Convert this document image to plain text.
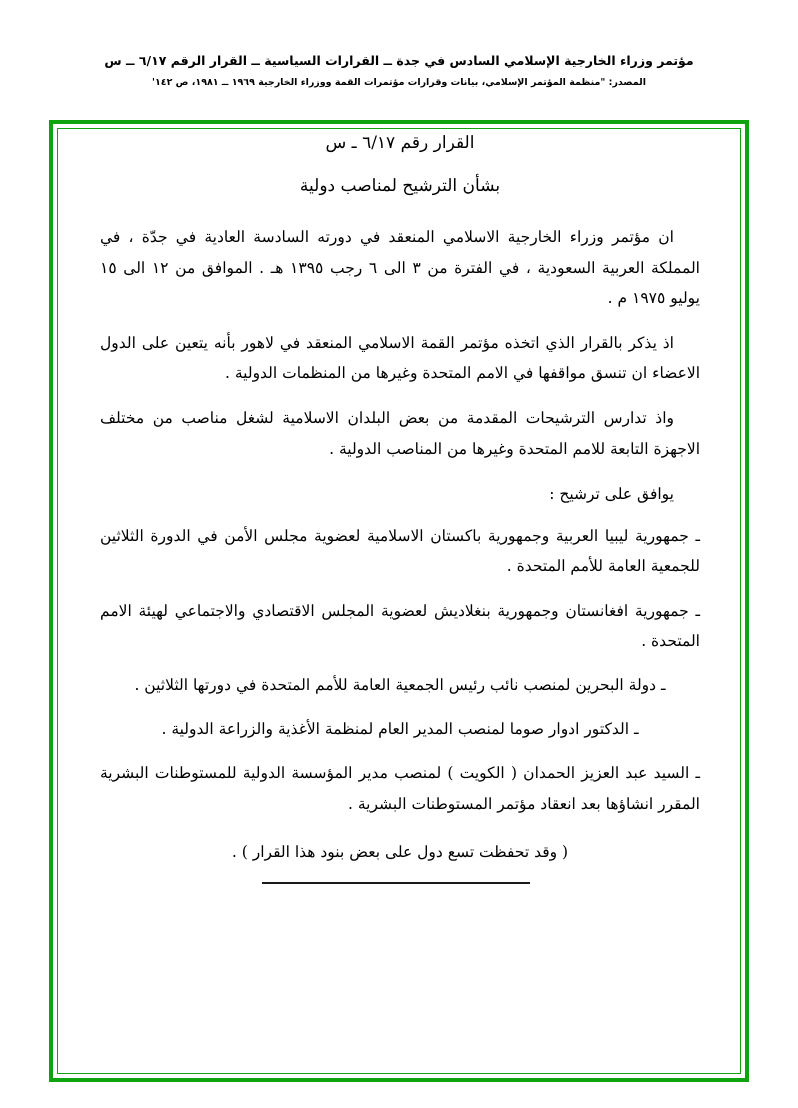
مؤتمر وزراء الخارجية الإسلامي السادس في جدة ــ القرارات السياسية ــ القرار الرقم ٦/١٧ ــ س
المصدر: "منظمة المؤتمر الإسلامي، بيانات وقرارات مؤتمرات القمة ووزراء الخارجية ١٩٦٩ ــ ١٩٨١، ص ١٤٢'
القرار رقم ٦/١٧ ـ س
بشأن الترشيح لمناصب دولية

ان مؤتمر وزراء الخارجية الاسلامي المنعقد في دورته السادسة العادية في جدّة ، في المملكة العربية السعودية ، في الفترة من ٣ الى ٦ رجب ١٣٩٥ هـ . الموافق من ١٢ الى ١٥ يوليو ١٩٧٥ م .

اذ يذكر بالقرار الذي اتخذه مؤتمر القمة الاسلامي المنعقد في لاهور بأنه يتعين على الدول الاعضاء ان تنسق مواقفها في الامم المتحدة وغيرها من المنظمات الدولية .

واذ تدارس الترشيحات المقدمة من بعض البلدان الاسلامية لشغل مناصب من مختلف الاجهزة التابعة للامم المتحدة وغيرها من المناصب الدولية .

يوافق على ترشيح :

ـ جمهورية ليبيا العربية وجمهورية باكستان الاسلامية لعضوية مجلس الأمن في الدورة الثلاثين للجمعية العامة للأمم المتحدة .

ـ جمهورية افغانستان وجمهورية بنغلاديش لعضوية المجلس الاقتصادي والاجتماعي لهيئة الامم المتحدة .

ـ دولة البحرين لمنصب نائب رئيس الجمعية العامة للأمم المتحدة في دورتها الثلاثين .

ـ الدكتور ادوار صوما لمنصب المدير العام لمنظمة الأغذية والزراعة الدولية .

ـ السيد عبد العزيز الحمدان ( الكويت ) لمنصب مدير المؤسسة الدولية للمستوطنات البشرية المقرر انشاؤها بعد انعقاد مؤتمر المستوطنات البشرية .

( وقد تحفظت تسع دول على بعض بنود هذا القرار ) .
